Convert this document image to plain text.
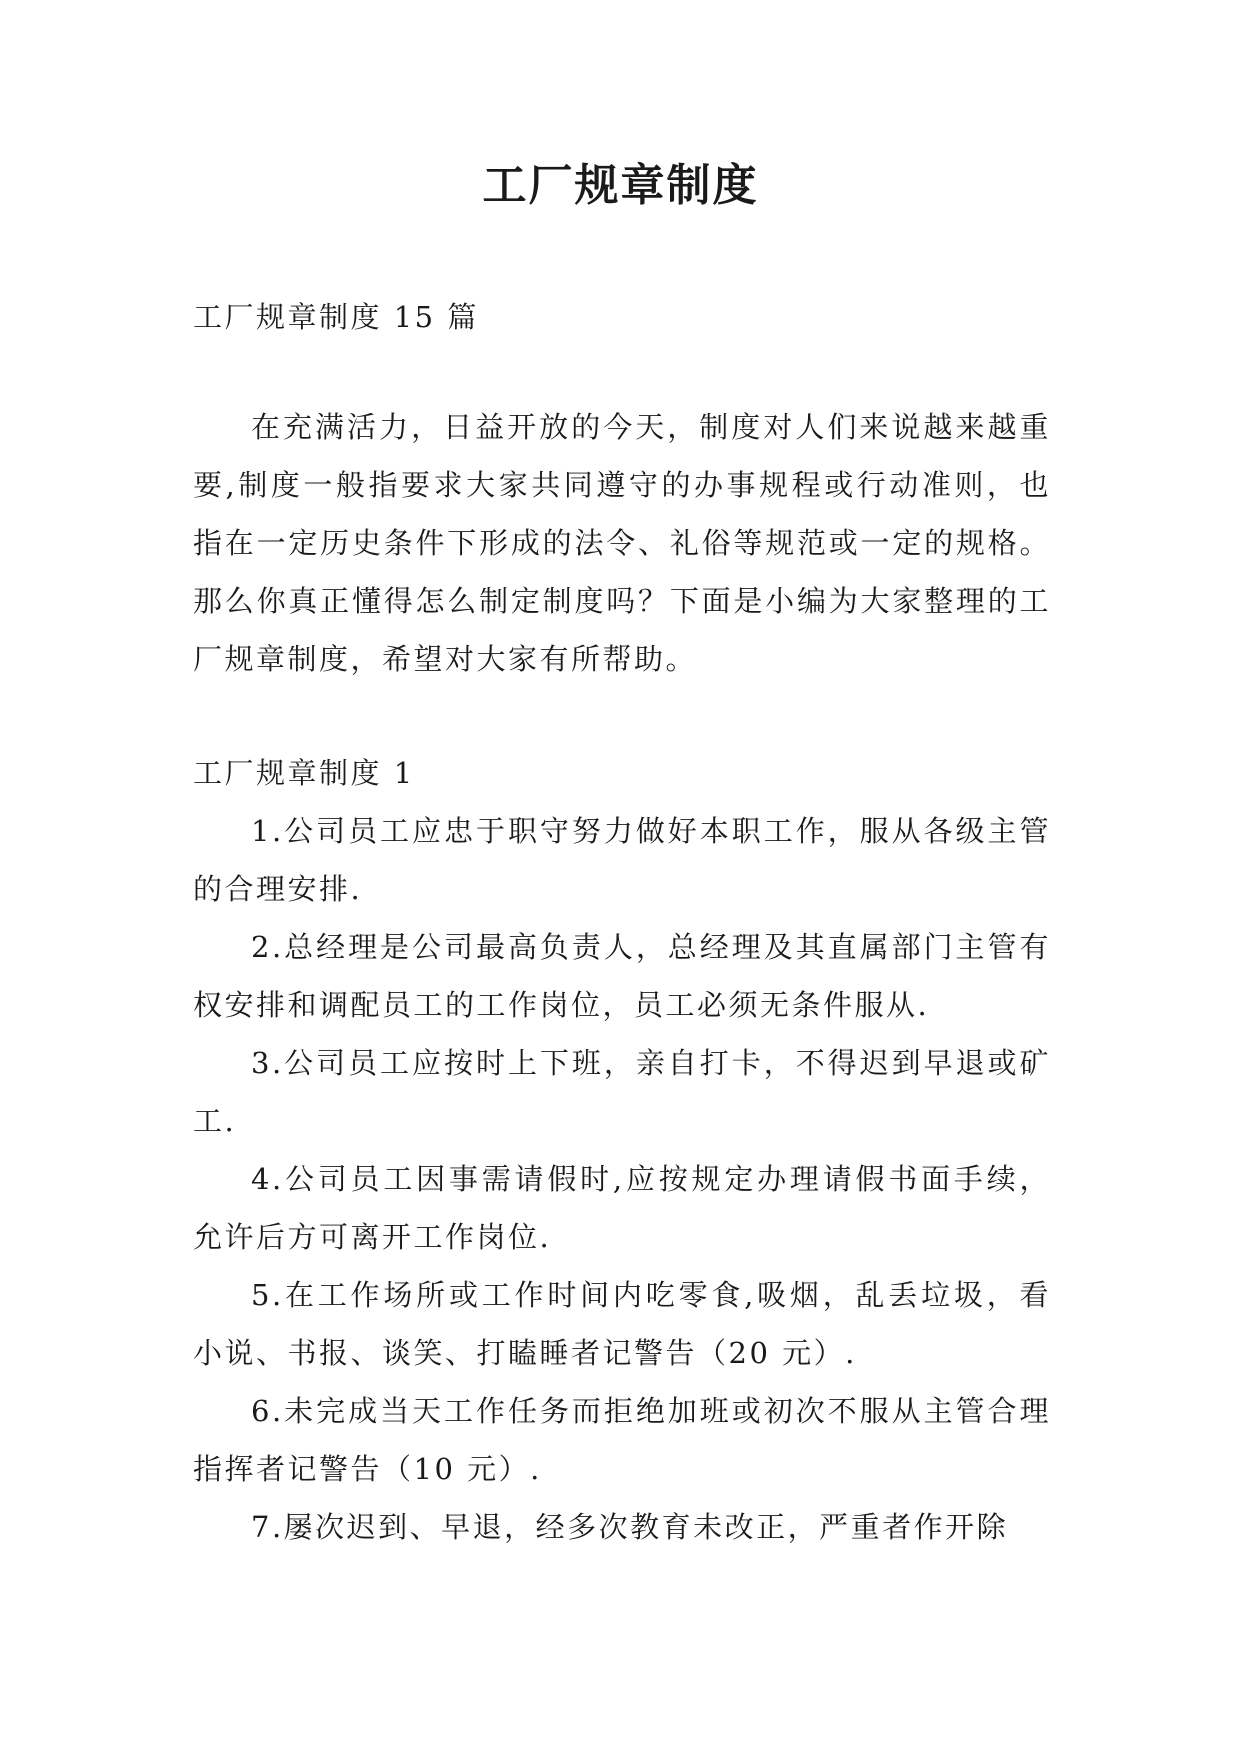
工厂规章制度

工厂规章制度 15 篇

在充满活力，日益开放的今天，制度对人们来说越来越重要,制度一般指要求大家共同遵守的办事规程或行动准则，也指在一定历史条件下形成的法令、礼俗等规范或一定的规格。那么你真正懂得怎么制定制度吗？下面是小编为大家整理的工厂规章制度，希望对大家有所帮助。

工厂规章制度 1

1.公司员工应忠于职守努力做好本职工作，服从各级主管的合理安排.
2.总经理是公司最高负责人，总经理及其直属部门主管有权安排和调配员工的工作岗位，员工必须无条件服从.
3.公司员工应按时上下班，亲自打卡，不得迟到早退或矿工.
4.公司员工因事需请假时,应按规定办理请假书面手续，允许后方可离开工作岗位.
5.在工作场所或工作时间内吃零食,吸烟，乱丢垃圾，看小说、书报、谈笑、打瞌睡者记警告（20 元）.
6.未完成当天工作任务而拒绝加班或初次不服从主管合理指挥者记警告（10 元）.
7.屡次迟到、早退，经多次教育未改正，严重者作开除
